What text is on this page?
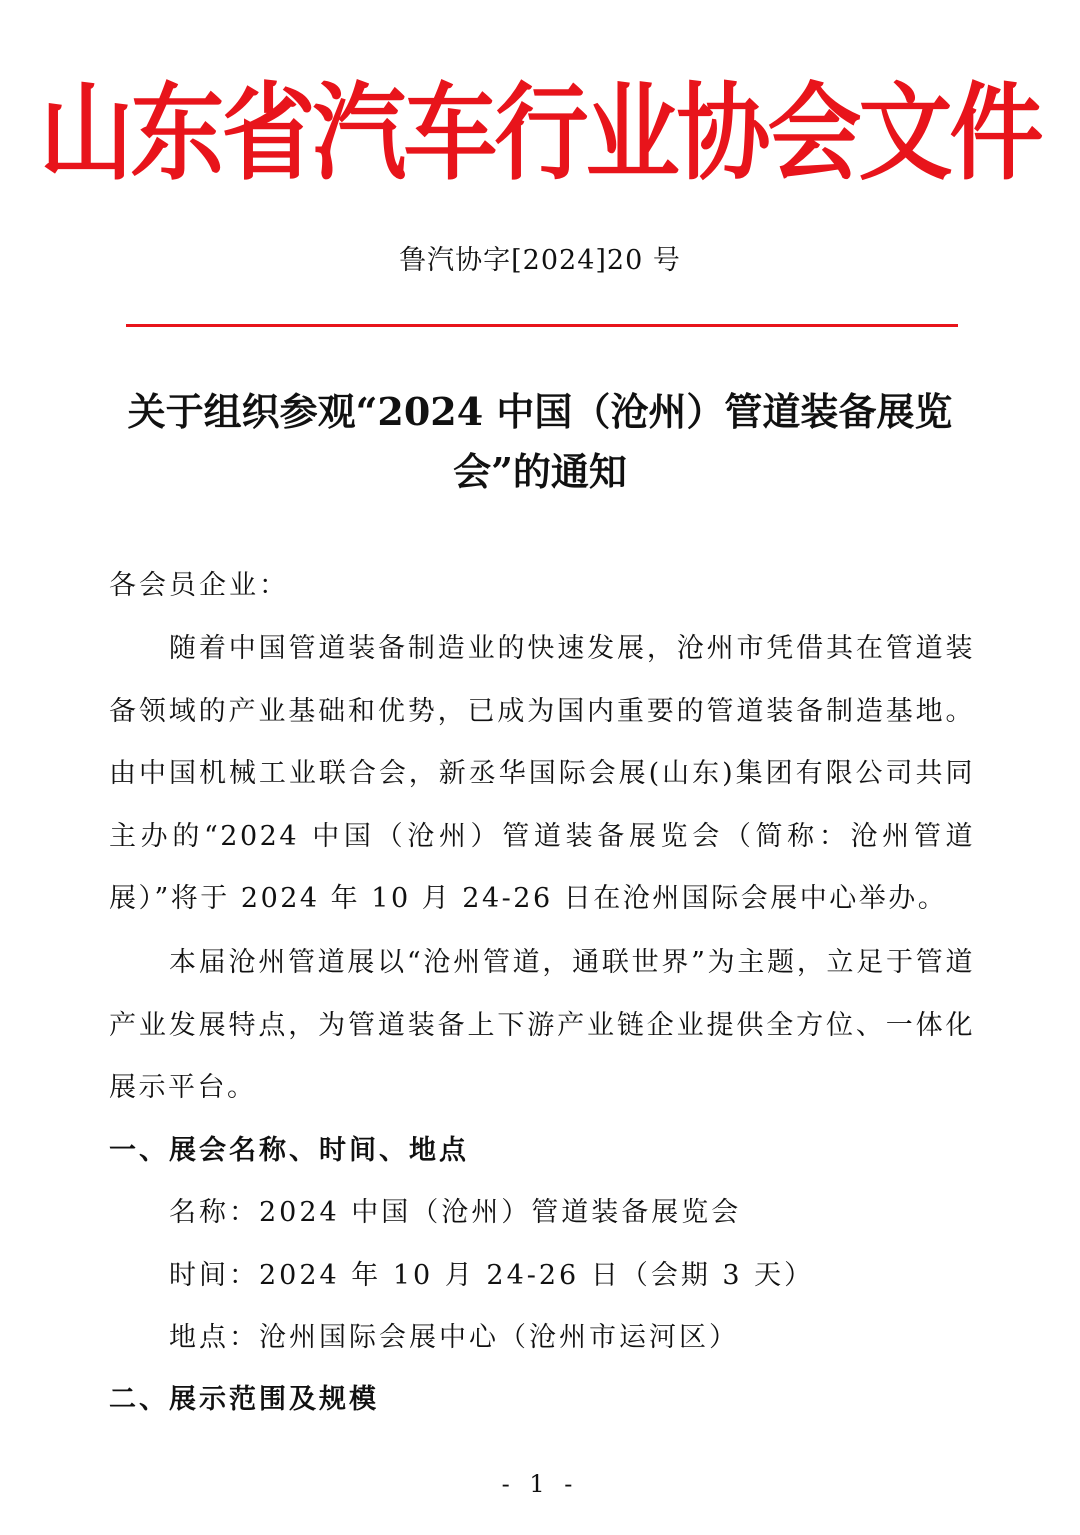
山东省汽车行业协会文件
鲁汽协字[2024]20 号
关于组织参观“2024 中国（沧州）管道装备展览会”的通知
各会员企业：

随着中国管道装备制造业的快速发展，沧州市凭借其在管道装备领域的产业基础和优势，已成为国内重要的管道装备制造基地。由中国机械工业联合会，新丞华国际会展(山东)集团有限公司共同主办的“2024 中国（沧州）管道装备展览会（简称：沧州管道展）”将于 2024 年 10 月 24-26 日在沧州国际会展中心举办。

本届沧州管道展以“沧州管道，通联世界”为主题，立足于管道产业发展特点，为管道装备上下游产业链企业提供全方位、一体化展示平台。

一、展会名称、时间、地点
名称：2024 中国（沧州）管道装备展览会
时间：2024 年 10 月 24-26 日（会期 3 天）
地点：沧州国际会展中心（沧州市运河区）
二、展示范围及规模
- 1 -
